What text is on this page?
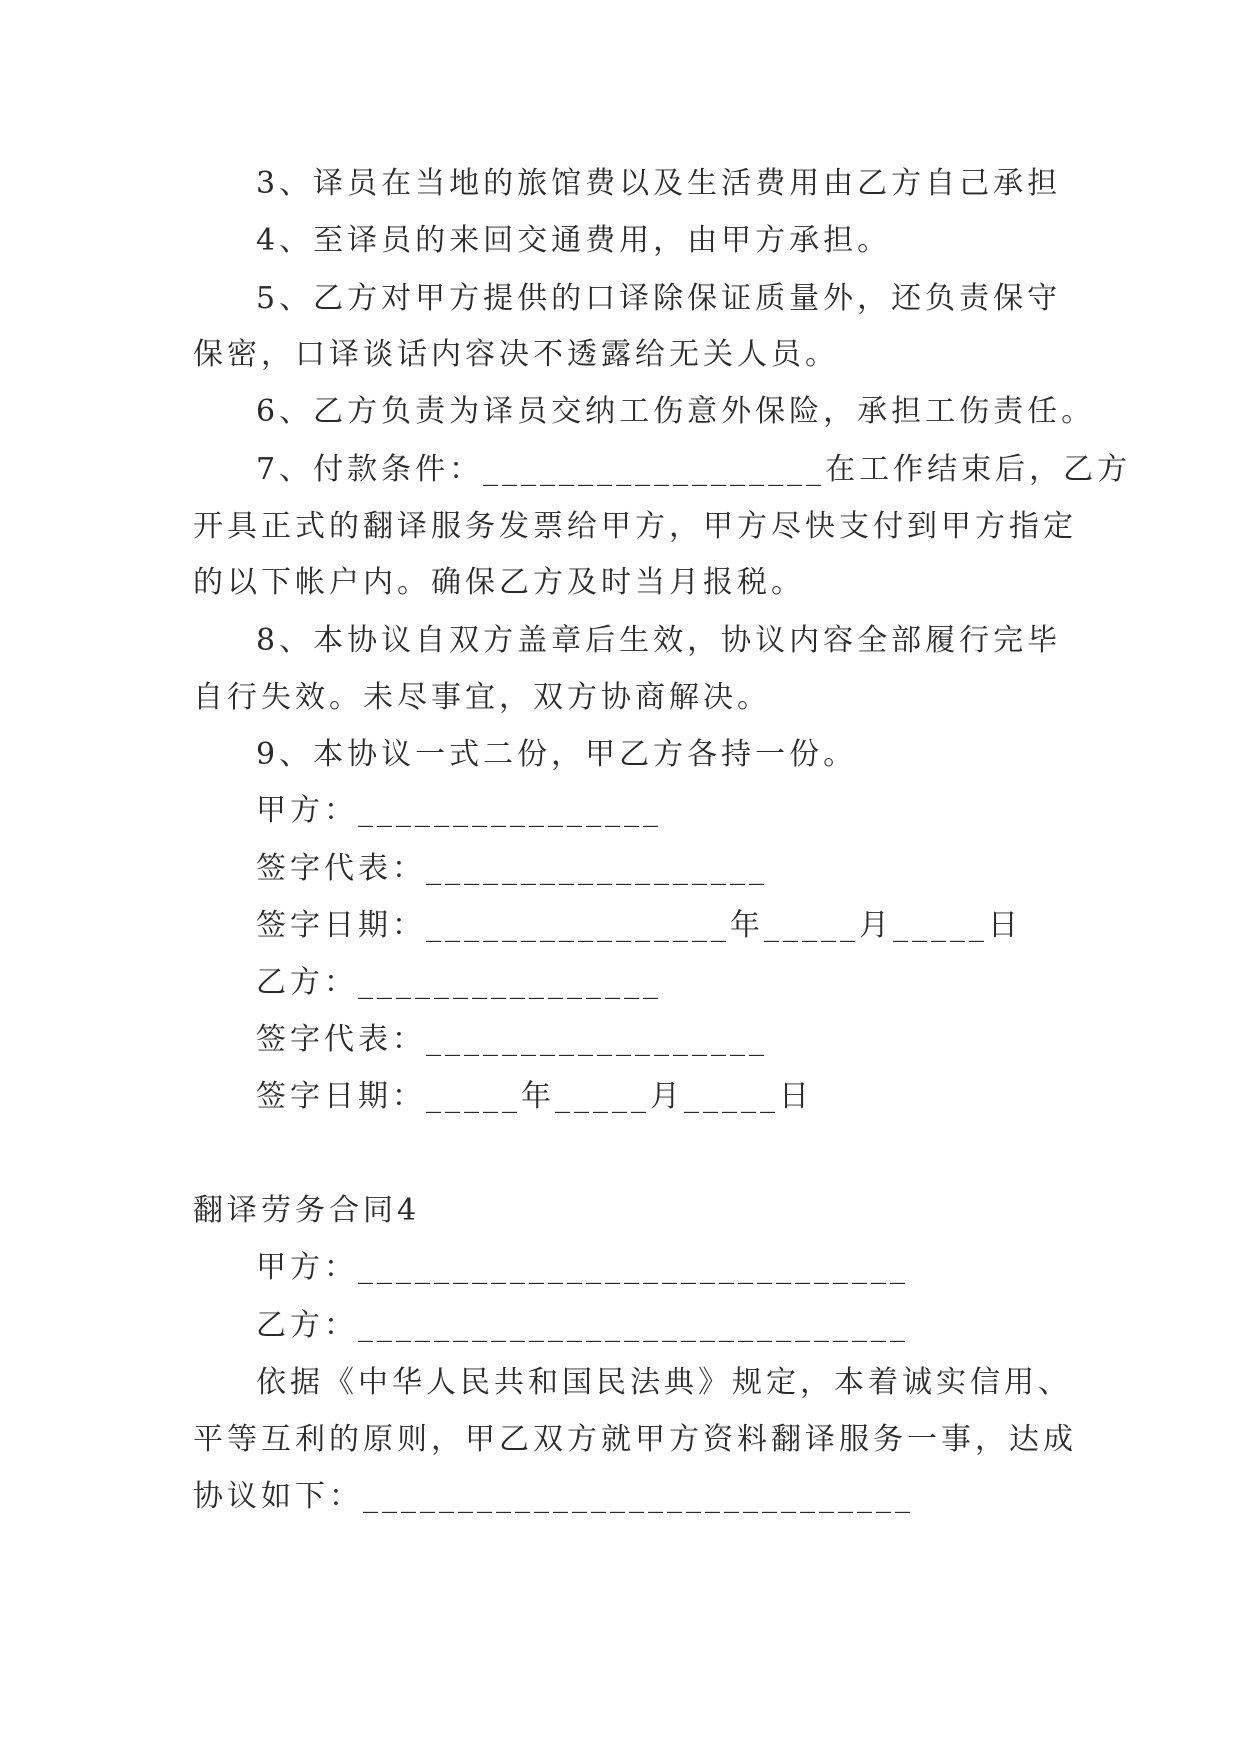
3、译员在当地的旅馆费以及生活费用由乙方自己承担
4、至译员的来回交通费用，由甲方承担。
5、乙方对甲方提供的口译除保证质量外，还负责保守
保密，口译谈话内容决不透露给无关人员。
6、乙方负责为译员交纳工伤意外保险，承担工伤责任。
7、付款条件：__________________在工作结束后，乙方
开具正式的翻译服务发票给甲方，甲方尽快支付到甲方指定
的以下帐户内。确保乙方及时当月报税。
8、本协议自双方盖章后生效，协议内容全部履行完毕
自行失效。未尽事宜，双方协商解决。
9、本协议一式二份，甲乙方各持一份。
甲方：________________
签字代表：__________________
签字日期：________________年_____月_____日
乙方：________________
签字代表：__________________
签字日期：_____年_____月_____日
翻译劳务合同4
甲方：_____________________________
乙方：_____________________________
依据《中华人民共和国民法典》规定，本着诚实信用、
平等互利的原则，甲乙双方就甲方资料翻译服务一事，达成
协议如下：_____________________________
